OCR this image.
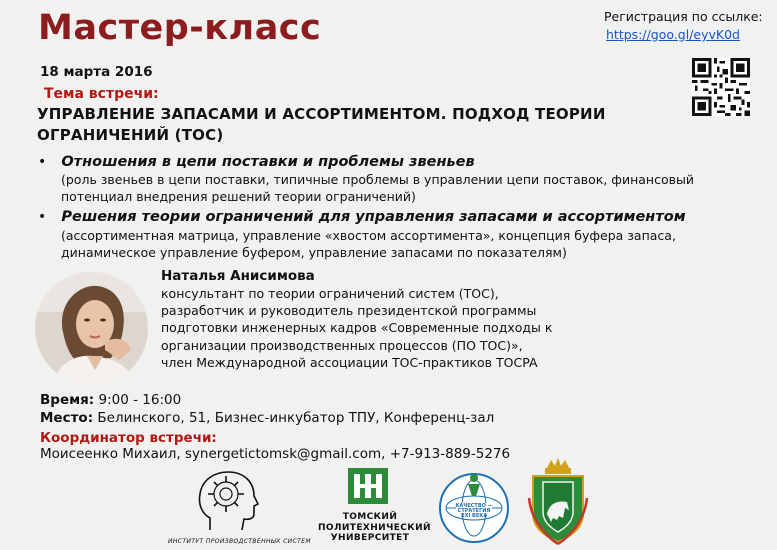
Мастер-класс
18 марта 2016
Регистрация по ссылке:
https://goo.gl/eyvK0d
Тема встречи:
УПРАВЛЕНИЕ ЗАПАСАМИ И АССОРТИМЕНТОМ. ПОДХОД ТЕОРИИ ОГРАНИЧЕНИЙ (TOC)
• Отношения в цепи поставки и проблемы звеньев
(роль звеньев в цепи поставки, типичные проблемы в управлении цепи поставок, финансовый
потенциал внедрения решений теории ограничений)
• Решения теории ограничений для управления запасами и ассортиментом
(ассортиментная матрица, управление «хвостом ассортимента», концепция буфера запаса,
динамическое управление буфером, управление запасами по показателям)
Наталья Анисимова
консультант по теории ограничений систем (ТОС),
разработчик и руководитель президентской программы
подготовки инженерных кадров «Современные подходы к
организации производственных процессов (ПО ТОС)»,
член Международной ассоциации ТОС-практиков TOCPA
Время: 9:00 - 16:00
Место: Белинского, 51, Бизнес-инкубатор ТПУ, Конференц-зал
Координатор встречи:
Моисеенко Михаил, synergetictomsk@gmail.com, +7-913-889-5276
ИНСТИТУТ ПРОИЗВОДСТВЕННЫХ СИСТЕМ
ТОМСКИЙ
ПОЛИТЕХНИЧЕСКИЙ
УНИВЕРСИТЕТ
КАЧЕСТВО — СТРАТЕГИЯ XXI ВЕКА
